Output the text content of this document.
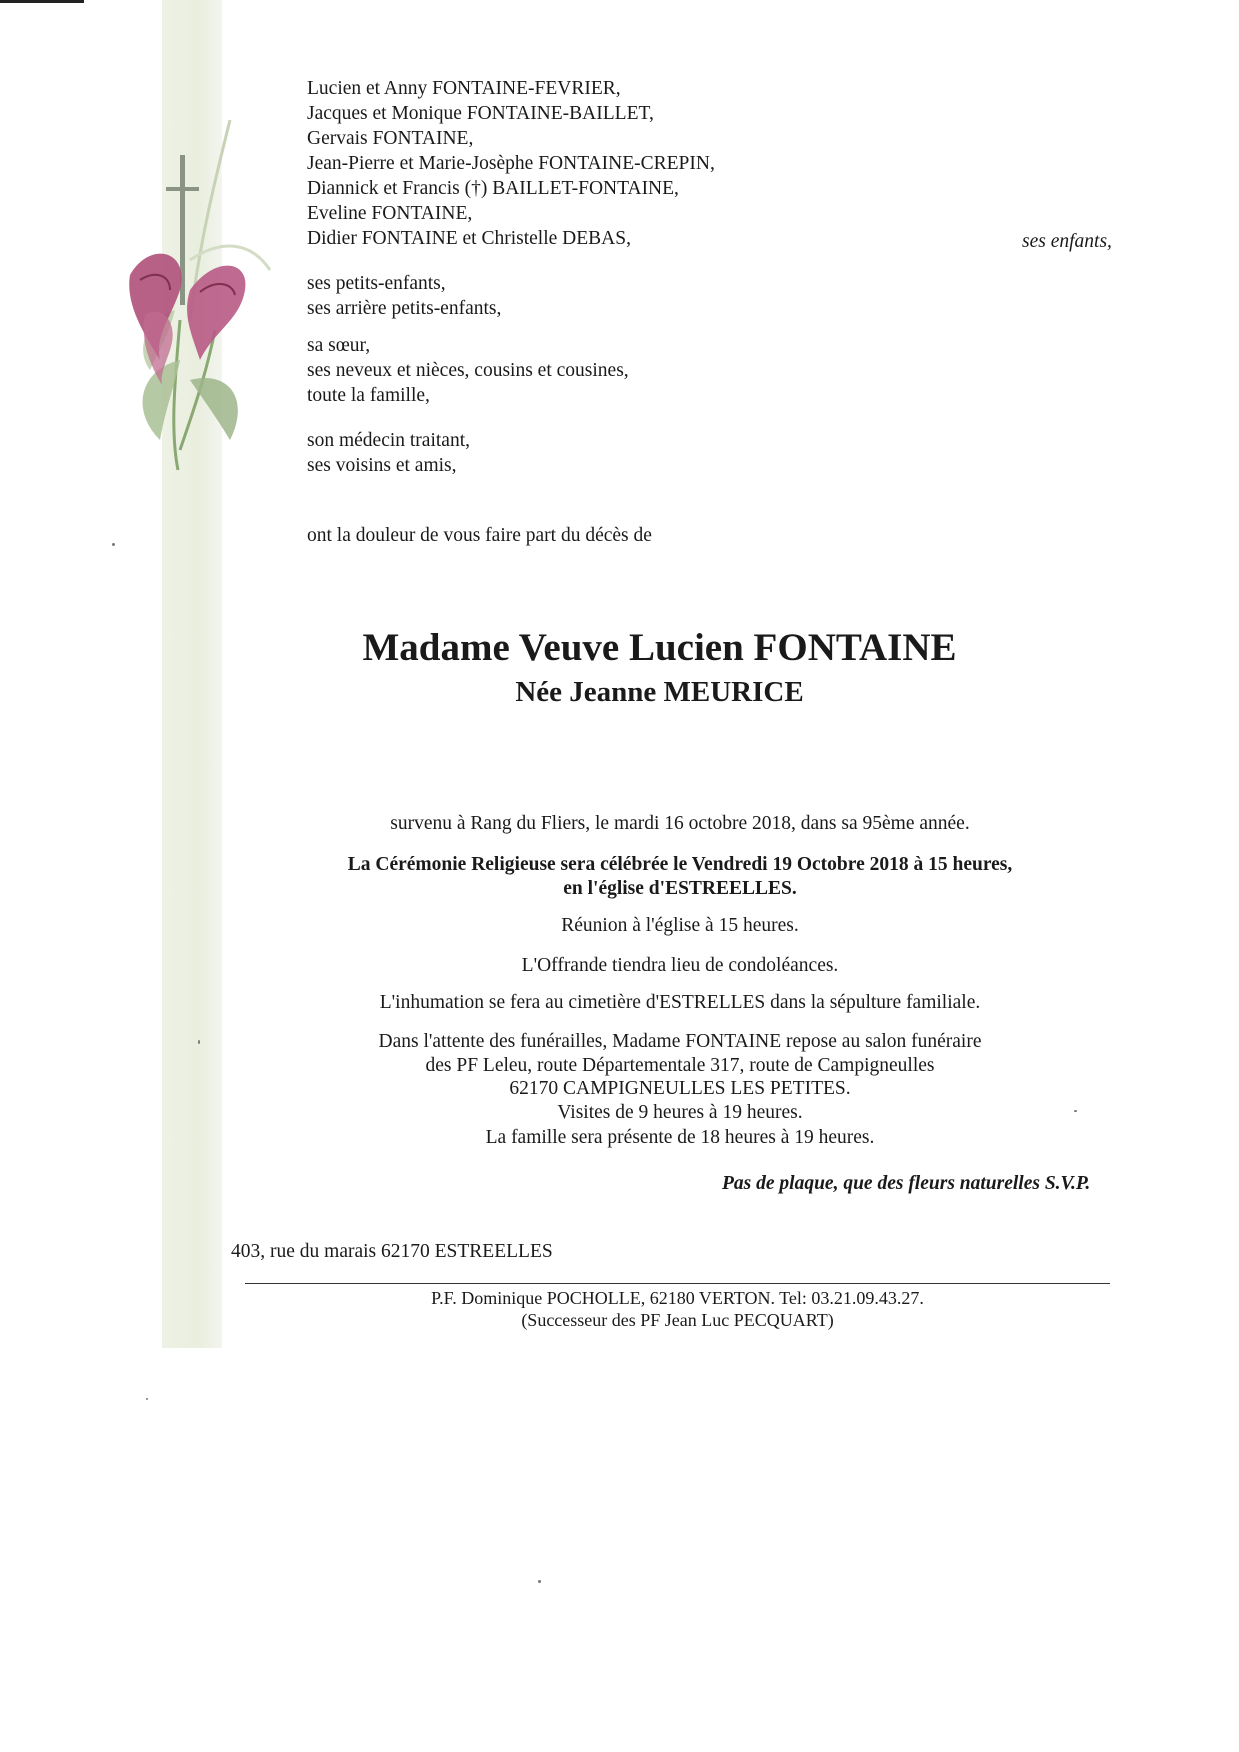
Lucien et Anny FONTAINE-FEVRIER,
Jacques et Monique FONTAINE-BAILLET,
Gervais FONTAINE,
Jean-Pierre et Marie-Josèphe FONTAINE-CREPIN,
Diannick et Francis (†) BAILLET-FONTAINE,
Eveline FONTAINE,
Didier FONTAINE et Christelle DEBAS,	ses enfants,
ses petits-enfants,
ses arrière petits-enfants,
sa sœur,
ses neveux et nièces, cousins et cousines,
toute la famille,
son médecin traitant,
ses voisins et amis,
ont la douleur de vous faire part du décès de
Madame Veuve Lucien FONTAINE
Née Jeanne MEURICE
survenu à Rang du Fliers, le mardi 16 octobre 2018, dans sa 95ème année.
La Cérémonie Religieuse sera célébrée le Vendredi 19 Octobre 2018 à 15 heures,
en l'église d'ESTREELLES.
Réunion à l'église à 15 heures.
L'Offrande tiendra lieu de condoléances.
L'inhumation se fera au cimetière d'ESTRELLES dans la sépulture familiale.
Dans l'attente des funérailles, Madame FONTAINE repose au salon funéraire
des PF Leleu, route Départementale 317, route de Campigneulles
62170 CAMPIGNEULLES LES PETITES.
Visites de 9 heures à 19 heures.
La famille sera présente de 18 heures à 19 heures.
Pas de plaque, que des fleurs naturelles S.V.P.
403, rue du marais 62170 ESTREELLES
P.F. Dominique POCHOLLE, 62180 VERTON. Tel: 03.21.09.43.27.
(Successeur des PF Jean Luc PECQUART)
